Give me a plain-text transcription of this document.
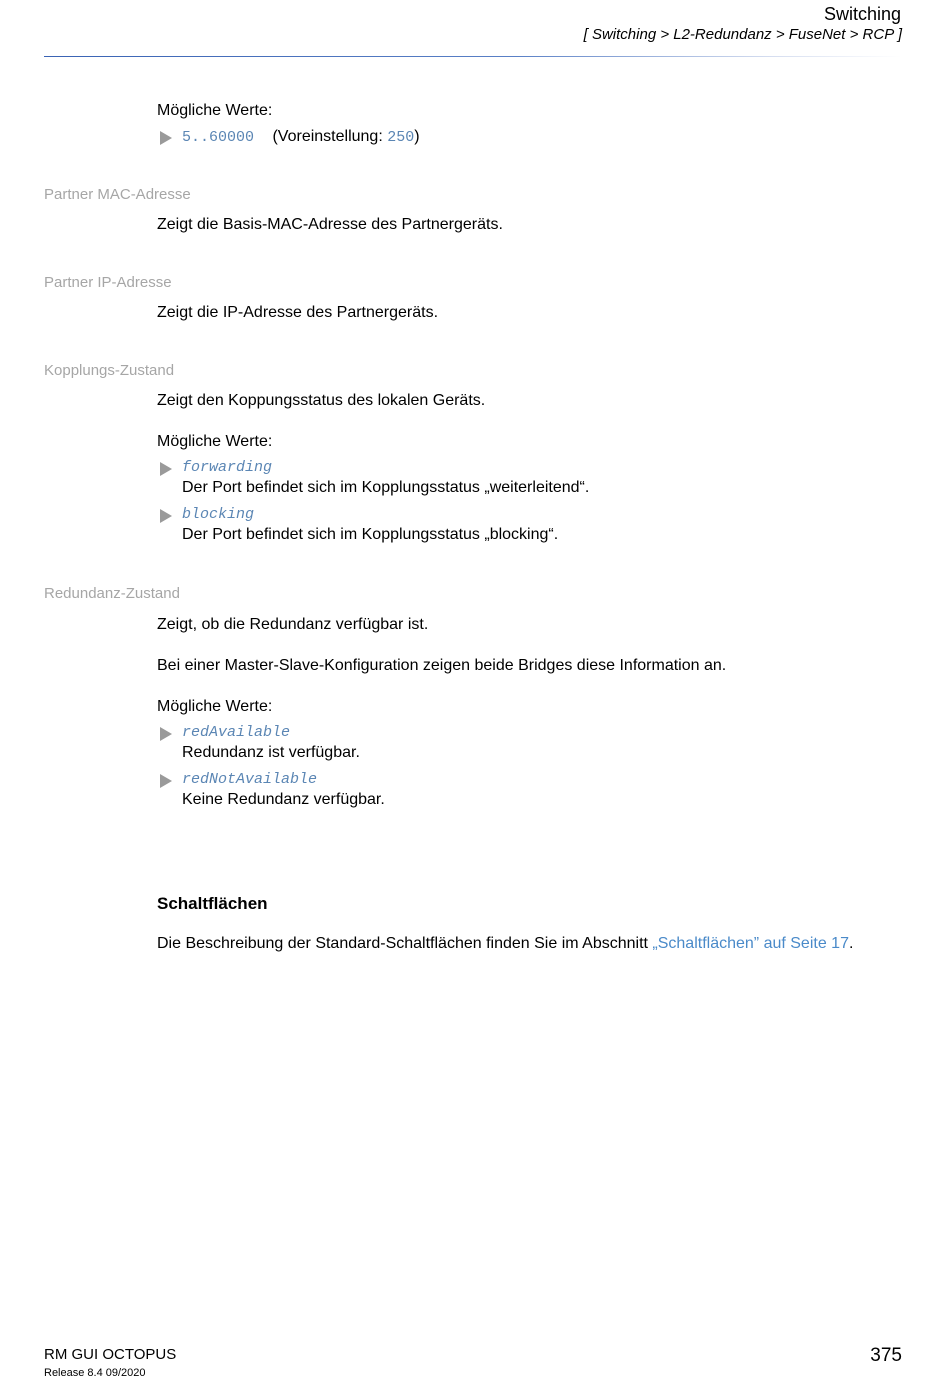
Switching
[ Switching > L2-Redundanz > FuseNet > RCP ]

Mögliche Werte:

5..60000 (Voreinstellung: 250)
Partner MAC-Adresse

Zeigt die Basis-MAC-Adresse des Partnergeräts.

Partner IP-Adresse

Zeigt die IP-Adresse des Partnergeräts.

Kopplungs-Zustand

Zeigt den Koppungsstatus des lokalen Geräts.

Mögliche Werte:

forwarding
Der Port befindet sich im Kopplungsstatus „weiterleitend“.
blocking
Der Port befindet sich im Kopplungsstatus „blocking“.
Redundanz-Zustand

Zeigt, ob die Redundanz verfügbar ist.

Bei einer Master-Slave-Konfiguration zeigen beide Bridges diese Information an.

Mögliche Werte:

redAvailable
Redundanz ist verfügbar.
redNotAvailable
Keine Redundanz verfügbar.
Schaltflächen

Die Beschreibung der Standard-Schaltflächen finden Sie im Abschnitt „Schaltflächen” auf Seite 17.

RM GUI OCTOPUS
Release 8.4 09/2020
375
